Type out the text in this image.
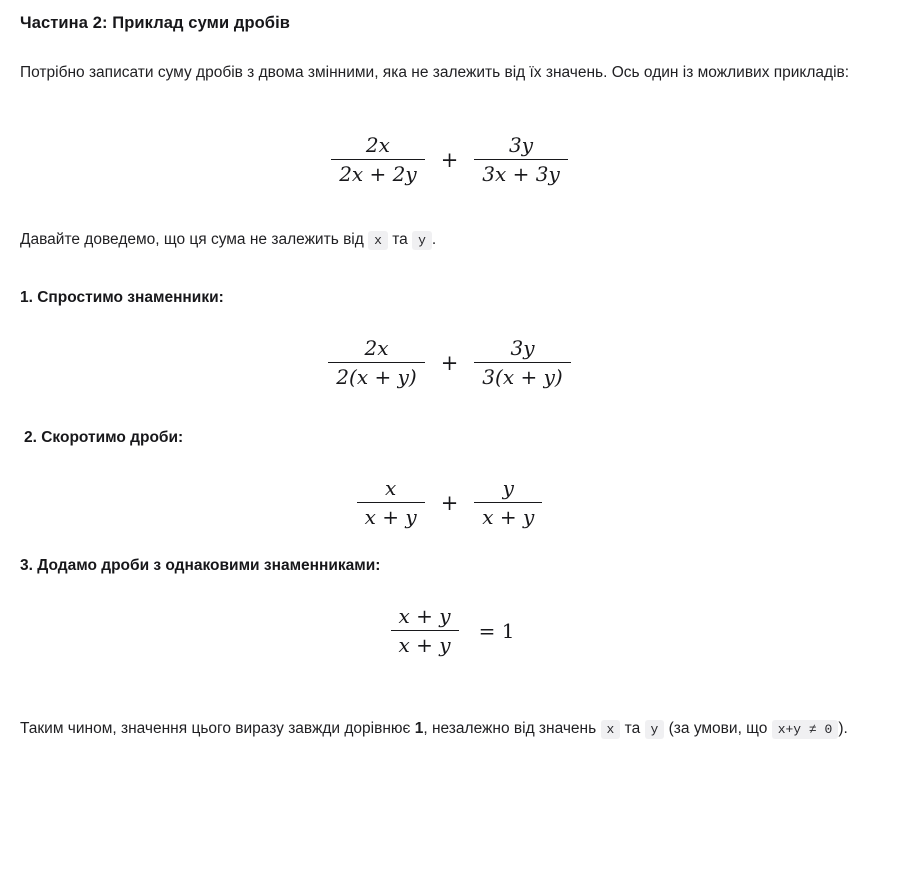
Частина 2: Приклад суми дробів

Потрібно записати суму дробів з двома змінними, яка не залежить від їх значень. Ось один із можливих прикладів:

$\frac{2x}{2x + 2y} + \frac{3y}{3x + 3y}$

Давайте доведемо, що ця сума не залежить від x та y .

1. Спростимо знаменники:
$\frac{2x}{2(x + y)} + \frac{3y}{3(x + y)}$
2. Скоротимо дроби:
$\frac{x}{x + y} + \frac{y}{x + y}$
3. Додамо дроби з однаковими знаменниками:
$\frac{x + y}{x + y}$	= 1

Таким чином, значення цього виразу завжди дорівнює 1, незалежно від значень x та y (за умови, що x+y ≠ 0 ).
